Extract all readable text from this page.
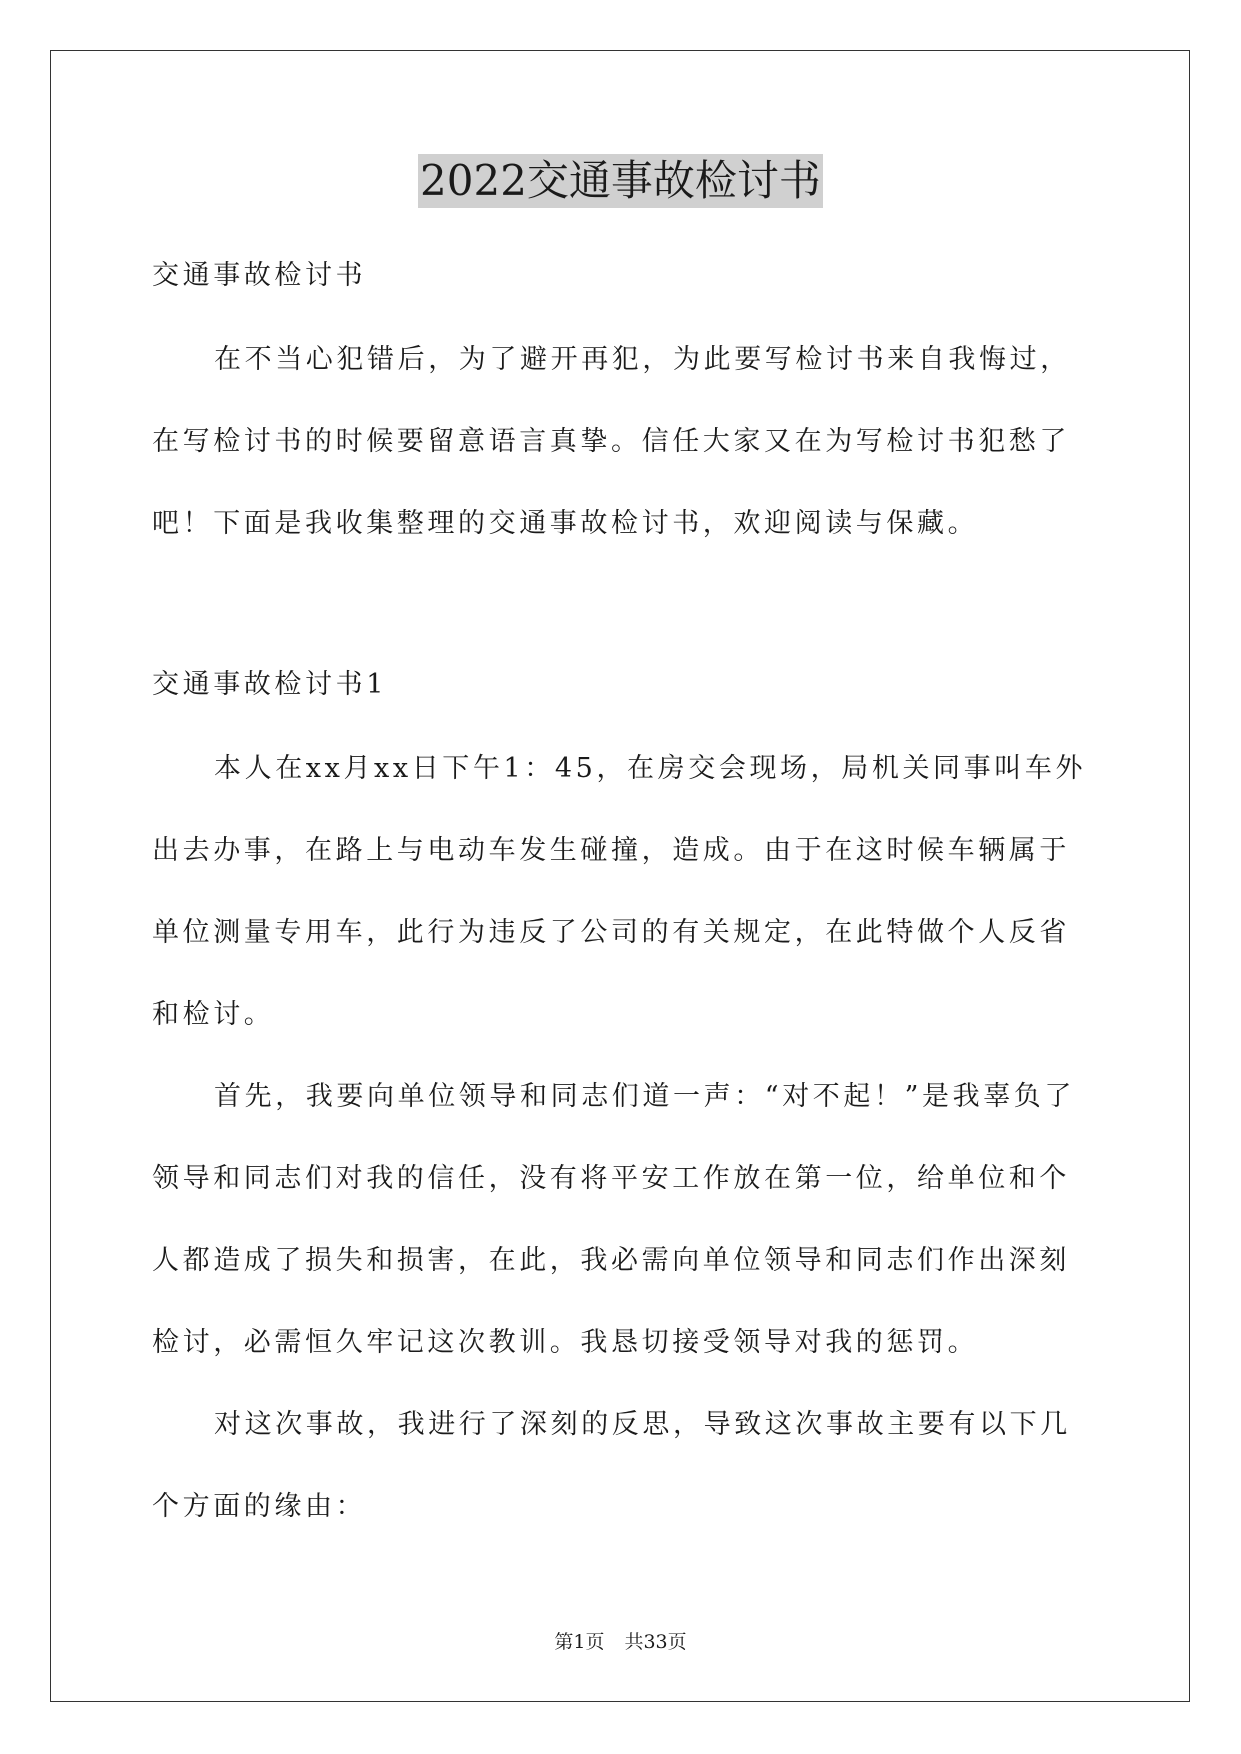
2022交通事故检讨书

交通事故检讨书

在不当心犯错后，为了避开再犯，为此要写检讨书来自我悔过，在写检讨书的时候要留意语言真挚。信任大家又在为写检讨书犯愁了吧！下面是我收集整理的交通事故检讨书，欢迎阅读与保藏。

交通事故检讨书1

本人在xx月xx日下午1：45，在房交会现场，局机关同事叫车外出去办事，在路上与电动车发生碰撞，造成。由于在这时候车辆属于单位测量专用车，此行为违反了公司的有关规定，在此特做个人反省和检讨。

首先，我要向单位领导和同志们道一声：“对不起！”是我辜负了领导和同志们对我的信任，没有将平安工作放在第一位，给单位和个人都造成了损失和损害，在此，我必需向单位领导和同志们作出深刻检讨，必需恒久牢记这次教训。我恳切接受领导对我的惩罚。

对这次事故，我进行了深刻的反思，导致这次事故主要有以下几个方面的缘由：

第1页 共33页
